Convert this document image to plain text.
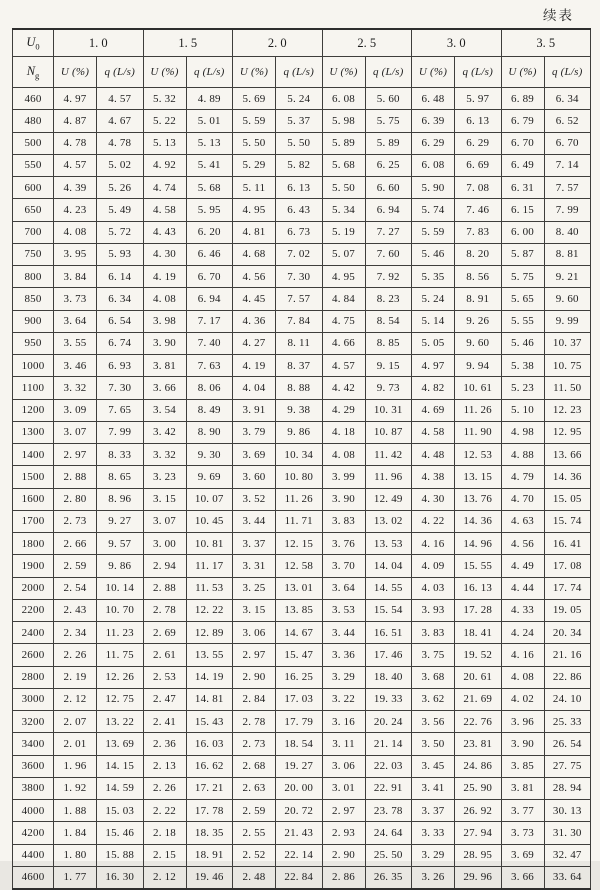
续表
$U_0$	1. 0		1. 5		2. 0		2. 5		3. 0		3. 5	
$N_g$	U (%)	q (L/s)	U (%)	q (L/s)	U (%)	q (L/s)	U (%)	q (L/s)	U (%)	q (L/s)	U (%)	q (L/s)
460	4. 97	4. 57	5. 32	4. 89	5. 69	5. 24	6. 08	5. 60	6. 48	5. 97	6. 89	6. 34
480	4. 87	4. 67	5. 22	5. 01	5. 59	5. 37	5. 98	5. 75	6. 39	6. 13	6. 79	6. 52
500	4. 78	4. 78	5. 13	5. 13	5. 50	5. 50	5. 89	5. 89	6. 29	6. 29	6. 70	6. 70
550	4. 57	5. 02	4. 92	5. 41	5. 29	5. 82	5. 68	6. 25	6. 08	6. 69	6. 49	7. 14
600	4. 39	5. 26	4. 74	5. 68	5. 11	6. 13	5. 50	6. 60	5. 90	7. 08	6. 31	7. 57
650	4. 23	5. 49	4. 58	5. 95	4. 95	6. 43	5. 34	6. 94	5. 74	7. 46	6. 15	7. 99
700	4. 08	5. 72	4. 43	6. 20	4. 81	6. 73	5. 19	7. 27	5. 59	7. 83	6. 00	8. 40
750	3. 95	5. 93	4. 30	6. 46	4. 68	7. 02	5. 07	7. 60	5. 46	8. 20	5. 87	8. 81
800	3. 84	6. 14	4. 19	6. 70	4. 56	7. 30	4. 95	7. 92	5. 35	8. 56	5. 75	9. 21
850	3. 73	6. 34	4. 08	6. 94	4. 45	7. 57	4. 84	8. 23	5. 24	8. 91	5. 65	9. 60
900	3. 64	6. 54	3. 98	7. 17	4. 36	7. 84	4. 75	8. 54	5. 14	9. 26	5. 55	9. 99
950	3. 55	6. 74	3. 90	7. 40	4. 27	8. 11	4. 66	8. 85	5. 05	9. 60	5. 46	10. 37
1000	3. 46	6. 93	3. 81	7. 63	4. 19	8. 37	4. 57	9. 15	4. 97	9. 94	5. 38	10. 75
1100	3. 32	7. 30	3. 66	8. 06	4. 04	8. 88	4. 42	9. 73	4. 82	10. 61	5. 23	11. 50
1200	3. 09	7. 65	3. 54	8. 49	3. 91	9. 38	4. 29	10. 31	4. 69	11. 26	5. 10	12. 23
1300	3. 07	7. 99	3. 42	8. 90	3. 79	9. 86	4. 18	10. 87	4. 58	11. 90	4. 98	12. 95
1400	2. 97	8. 33	3. 32	9. 30	3. 69	10. 34	4. 08	11. 42	4. 48	12. 53	4. 88	13. 66
1500	2. 88	8. 65	3. 23	9. 69	3. 60	10. 80	3. 99	11. 96	4. 38	13. 15	4. 79	14. 36
1600	2. 80	8. 96	3. 15	10. 07	3. 52	11. 26	3. 90	12. 49	4. 30	13. 76	4. 70	15. 05
1700	2. 73	9. 27	3. 07	10. 45	3. 44	11. 71	3. 83	13. 02	4. 22	14. 36	4. 63	15. 74
1800	2. 66	9. 57	3. 00	10. 81	3. 37	12. 15	3. 76	13. 53	4. 16	14. 96	4. 56	16. 41
1900	2. 59	9. 86	2. 94	11. 17	3. 31	12. 58	3. 70	14. 04	4. 09	15. 55	4. 49	17. 08
2000	2. 54	10. 14	2. 88	11. 53	3. 25	13. 01	3. 64	14. 55	4. 03	16. 13	4. 44	17. 74
2200	2. 43	10. 70	2. 78	12. 22	3. 15	13. 85	3. 53	15. 54	3. 93	17. 28	4. 33	19. 05
2400	2. 34	11. 23	2. 69	12. 89	3. 06	14. 67	3. 44	16. 51	3. 83	18. 41	4. 24	20. 34
2600	2. 26	11. 75	2. 61	13. 55	2. 97	15. 47	3. 36	17. 46	3. 75	19. 52	4. 16	21. 16
2800	2. 19	12. 26	2. 53	14. 19	2. 90	16. 25	3. 29	18. 40	3. 68	20. 61	4. 08	22. 86
3000	2. 12	12. 75	2. 47	14. 81	2. 84	17. 03	3. 22	19. 33	3. 62	21. 69	4. 02	24. 10
3200	2. 07	13. 22	2. 41	15. 43	2. 78	17. 79	3. 16	20. 24	3. 56	22. 76	3. 96	25. 33
3400	2. 01	13. 69	2. 36	16. 03	2. 73	18. 54	3. 11	21. 14	3. 50	23. 81	3. 90	26. 54
3600	1. 96	14. 15	2. 13	16. 62	2. 68	19. 27	3. 06	22. 03	3. 45	24. 86	3. 85	27. 75
3800	1. 92	14. 59	2. 26	17. 21	2. 63	20. 00	3. 01	22. 91	3. 41	25. 90	3. 81	28. 94
4000	1. 88	15. 03	2. 22	17. 78	2. 59	20. 72	2. 97	23. 78	3. 37	26. 92	3. 77	30. 13
4200	1. 84	15. 46	2. 18	18. 35	2. 55	21. 43	2. 93	24. 64	3. 33	27. 94	3. 73	31. 30
4400	1. 80	15. 88	2. 15	18. 91	2. 52	22. 14	2. 90	25. 50	3. 29	28. 95	3. 69	32. 47
4600	1. 77	16. 30	2. 12	19. 46	2. 48	22. 84	2. 86	26. 35	3. 26	29. 96	3. 66	33. 64
